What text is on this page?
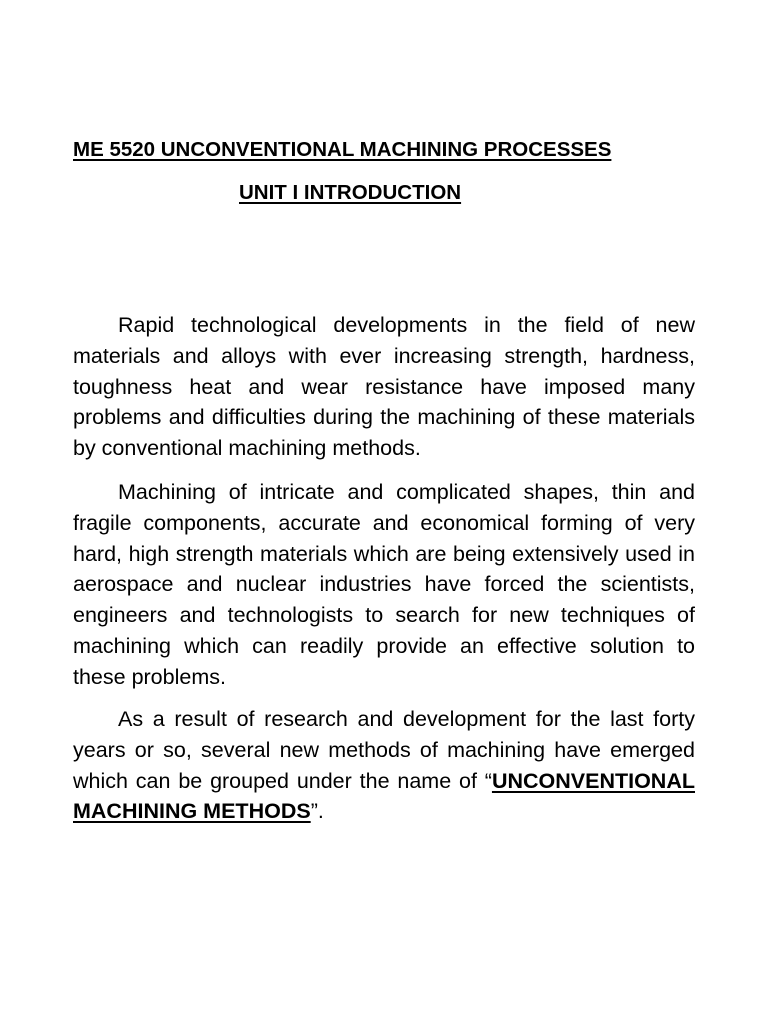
ME 5520 UNCONVENTIONAL MACHINING PROCESSES
UNIT I INTRODUCTION

Rapid technological developments in the field of new materials and alloys with ever increasing strength, hardness, toughness heat and wear resistance have imposed many problems and difficulties during the machining of these materials by conventional machining methods.

Machining of intricate and complicated shapes, thin and fragile components, accurate and economical forming of very hard, high strength materials which are being extensively used in aerospace and nuclear industries have forced the scientists, engineers and technologists to search for new techniques of machining which can readily provide an effective solution to these problems.

As a result of research and development for the last forty years or so, several new methods of machining have emerged which can be grouped under the name of “UNCONVENTIONAL MACHINING METHODS”.
